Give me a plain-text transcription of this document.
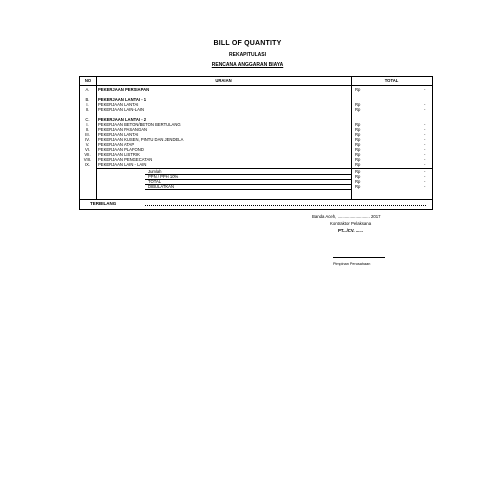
BILL OF QUANTITY
REKAPITULASI
RENCANA ANGGARAN BIAYA
NO	URAIAN	TOTAL
A.	PEKERJAAN PERSIAPAN	Rp	-
B.	PEKERJAAN LANTAI - 1
I.	PEKERJAAN LANTAI	Rp	-
II.	PEKERJAAN LAIN-LAIN	Rp	-
C.	PEKERJAAN LANTAI - 2
I.	PEKERJAAN BETON/BETON BERTULANG	Rp	-
II.	PEKERJAAN PASANGAN	Rp	-
III.	PEKERJAAN LANTAI	Rp	-
IV.	PEKERJAAN KUSEN, PINTU DAN JENDELA	Rp	-
V.	PEKERJAAN ATAP	Rp	-
VI.	PEKERJAAN PLAFOND	Rp	-
VII.	PEKERJAAN LISTRIK	Rp	-
VIII.	PEKERJAAN PENGECATAN	Rp	-
IX.	PEKERJAAN LAIN - LAIN	Rp	-
Jumlah	Rp	-
PPN / PPH 10%	Rp	-
TOTAL	Rp	-
DIBULATKAN	Rp	-
TERBILANG
Banda Aceh, ........................... 2017
Kontraktor Pelaksana
PT.../CV. ......
Pimpinan Perusahaan
